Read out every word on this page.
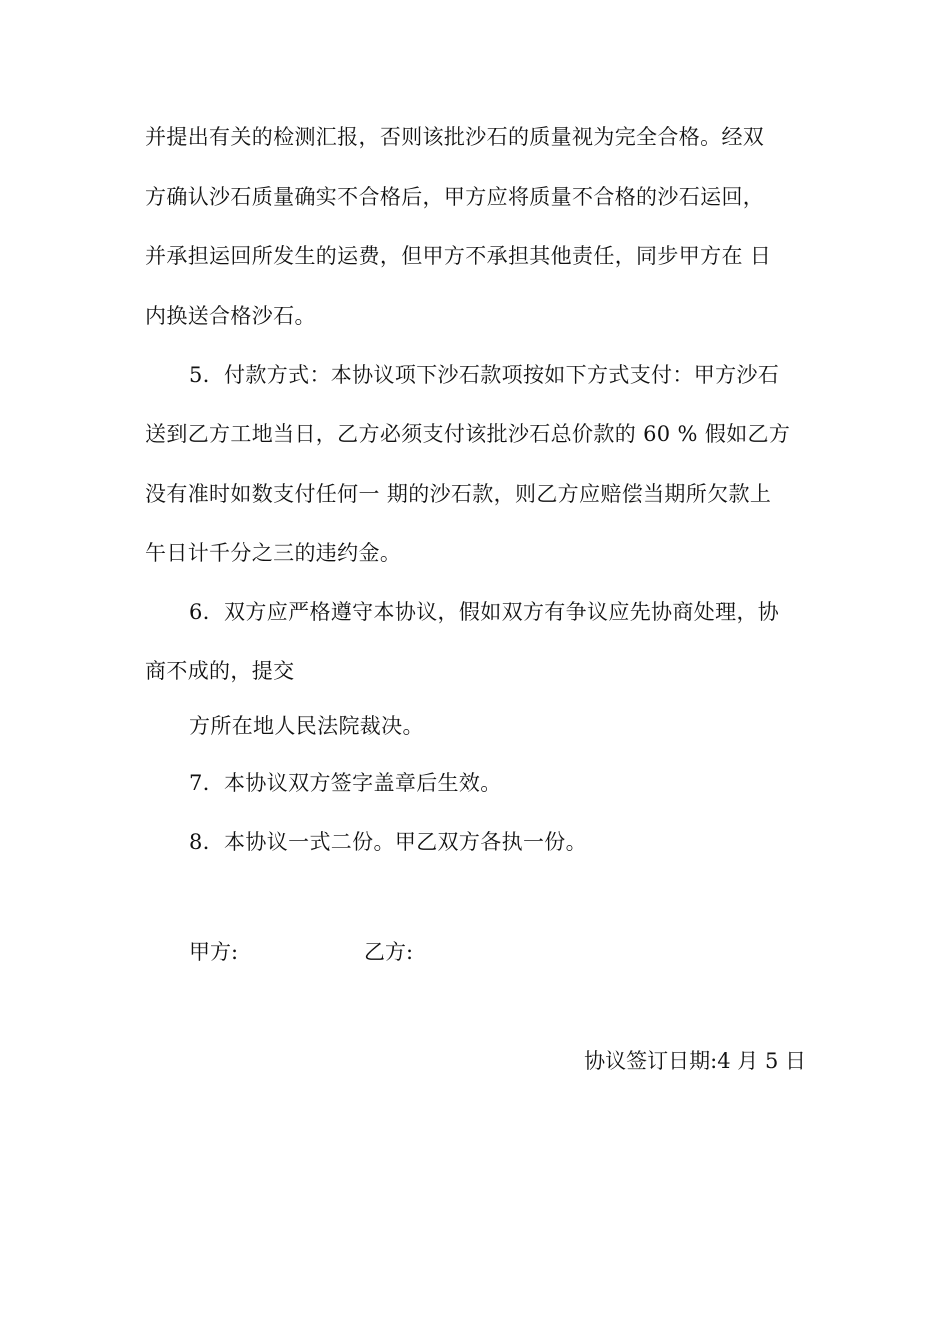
并提出有关的检测汇报，否则该批沙石的质量视为完全合格。经双
方确认沙石质量确实不合格后，甲方应将质量不合格的沙石运回，
并承担运回所发生的运费，但甲方不承担其他责任，同步甲方在 日
内换送合格沙石。
5．付款方式：本协议项下沙石款项按如下方式支付：甲方沙石
送到乙方工地当日，乙方必须支付该批沙石总价款的 60 % 假如乙方
没有准时如数支付任何一 期的沙石款，则乙方应赔偿当期所欠款上
午日计千分之三的违约金。
6．双方应严格遵守本协议，假如双方有争议应先协商处理，协
商不成的，提交
方所在地人民法院裁决。
7．本协议双方签字盖章后生效。
8．本协议一式二份。甲乙双方各执一份。
甲方:	乙方:
协议签订日期:4 月 5 日
